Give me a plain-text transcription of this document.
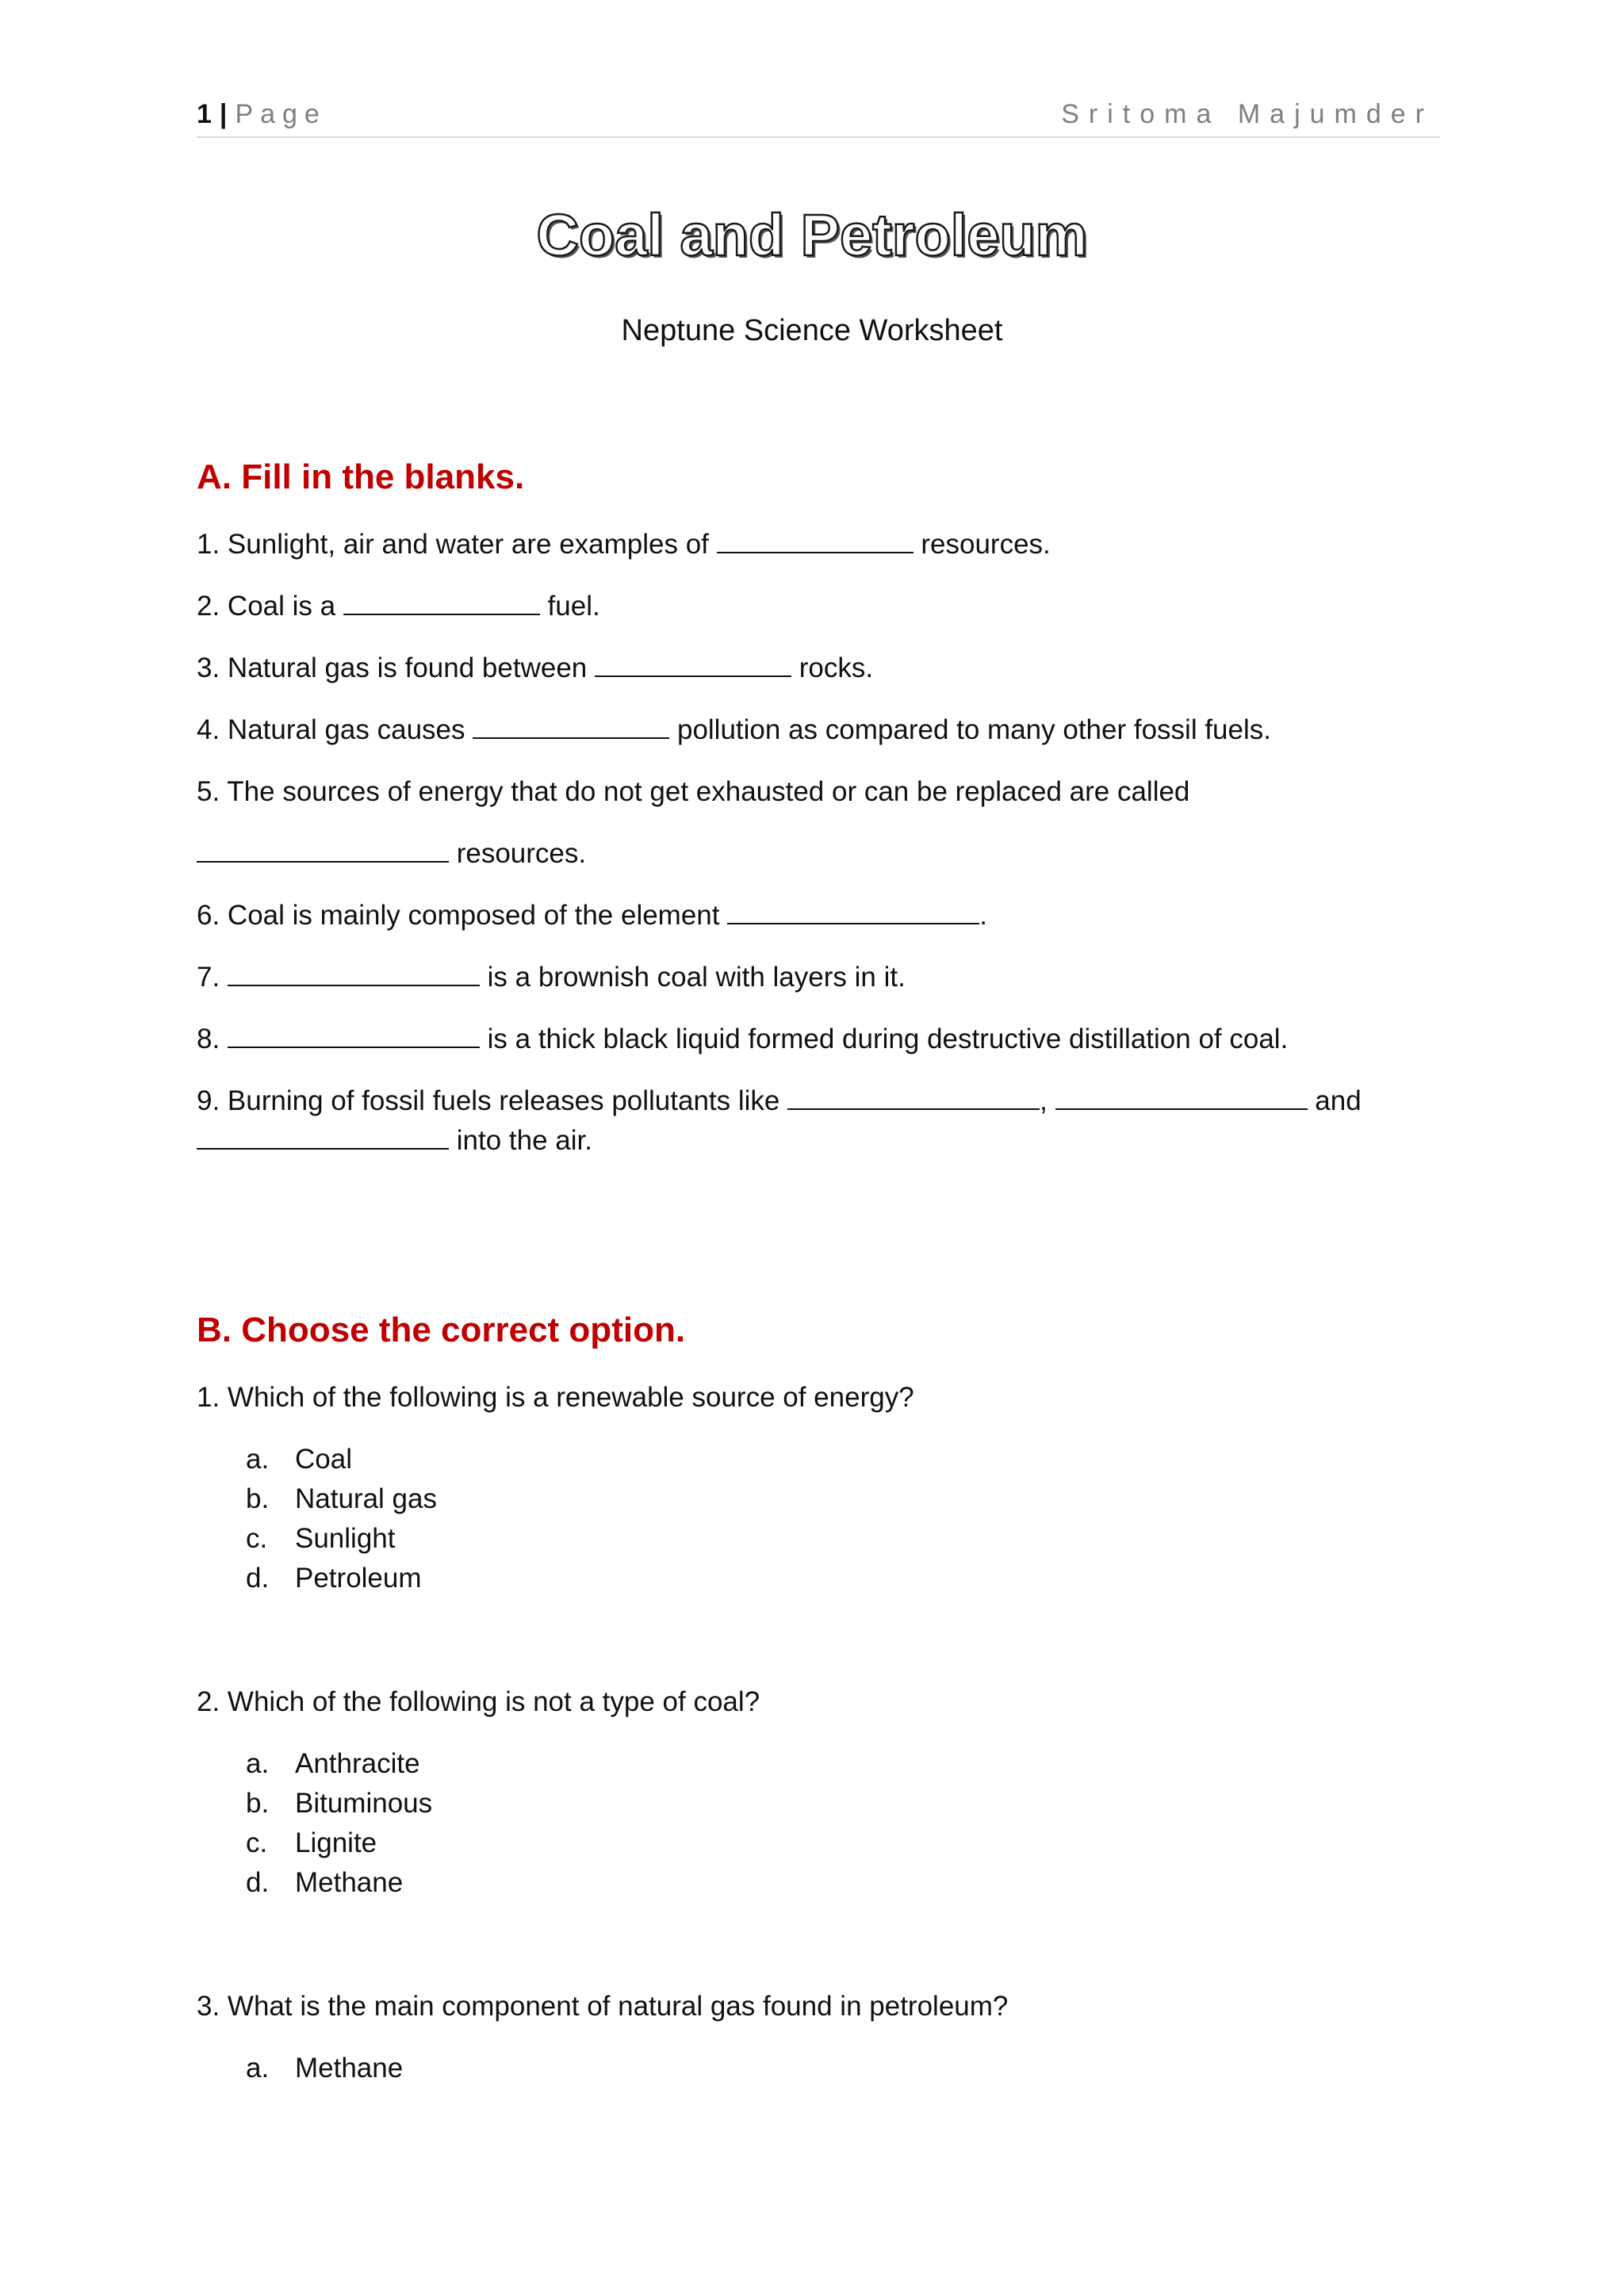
1 | Page	Sritoma Majumder
Coal and Petroleum
Neptune Science Worksheet
A. Fill in the blanks.
1. Sunlight, air and water are examples of	resources.
2. Coal is a	fuel.
3. Natural gas is found between	rocks.
4. Natural gas causes	pollution as compared to many other fossil fuels.
5. The sources of energy that do not get exhausted or can be replaced are called
resources.
6. Coal is mainly composed of the element	.
7.	is a brownish coal with layers in it.
8.	is a thick black liquid formed during destructive distillation of coal.
9. Burning of fossil fuels releases pollutants like	,	and
into the air.
B. Choose the correct option.
1. Which of the following is a renewable source of energy?
a. Coal
b. Natural gas
c. Sunlight
d. Petroleum
2. Which of the following is not a type of coal?
a. Anthracite
b. Bituminous
c. Lignite
d. Methane
3. What is the main component of natural gas found in petroleum?
a. Methane
